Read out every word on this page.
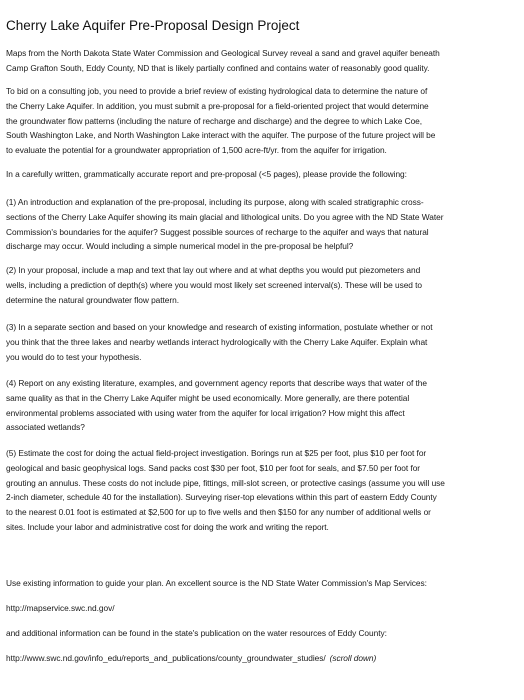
Cherry Lake Aquifer Pre-Proposal Design Project
Maps from the North Dakota State Water Commission and Geological Survey reveal a sand and gravel aquifer beneath
Camp Grafton South, Eddy County, ND that is likely partially confined and contains water of reasonably good quality.
To bid on a consulting job, you need to provide a brief review of existing hydrological data to determine the nature of
the Cherry Lake Aquifer. In addition, you must submit a pre-proposal for a field-oriented project that would determine
the groundwater flow patterns (including the nature of recharge and discharge) and the degree to which Lake Coe,
South Washington Lake, and North Washington Lake interact with the aquifer. The purpose of the future project will be
to evaluate the potential for a groundwater appropriation of 1,500 acre-ft/yr. from the aquifer for irrigation.
In a carefully written, grammatically accurate report and pre-proposal (<5 pages), please provide the following:
(1) An introduction and explanation of the pre-proposal, including its purpose, along with scaled stratigraphic cross-
sections of the Cherry Lake Aquifer showing its main glacial and lithological units. Do you agree with the ND State Water
Commission's boundaries for the aquifer? Suggest possible sources of recharge to the aquifer and ways that natural
discharge may occur. Would including a simple numerical model in the pre-proposal be helpful?
(2) In your proposal, include a map and text that lay out where and at what depths you would put piezometers and
wells, including a prediction of depth(s) where you would most likely set screened interval(s). These will be used to
determine the natural groundwater flow pattern.
(3) In a separate section and based on your knowledge and research of existing information, postulate whether or not
you think that the three lakes and nearby wetlands interact hydrologically with the Cherry Lake Aquifer. Explain what
you would do to test your hypothesis.
(4) Report on any existing literature, examples, and government agency reports that describe ways that water of the
same quality as that in the Cherry Lake Aquifer might be used economically. More generally, are there potential
environmental problems associated with using water from the aquifer for local irrigation? How might this affect
associated wetlands?
(5) Estimate the cost for doing the actual field-project investigation. Borings run at $25 per foot, plus $10 per foot for
geological and basic geophysical logs. Sand packs cost $30 per foot, $10 per foot for seals, and $7.50 per foot for
grouting an annulus. These costs do not include pipe, fittings, mill-slot screen, or protective casings (assume you will use
2-inch diameter, schedule 40 for the installation). Surveying riser-top elevations within this part of eastern Eddy County
to the nearest 0.01 foot is estimated at $2,500 for up to five wells and then $150 for any number of additional wells or
sites. Include your labor and administrative cost for doing the work and writing the report.
Use existing information to guide your plan. An excellent source is the ND State Water Commission's Map Services:
http://mapservice.swc.nd.gov/
and additional information can be found in the state's publication on the water resources of Eddy County:
http://www.swc.nd.gov/info_edu/reports_and_publications/county_groundwater_studies/ (scroll down)
